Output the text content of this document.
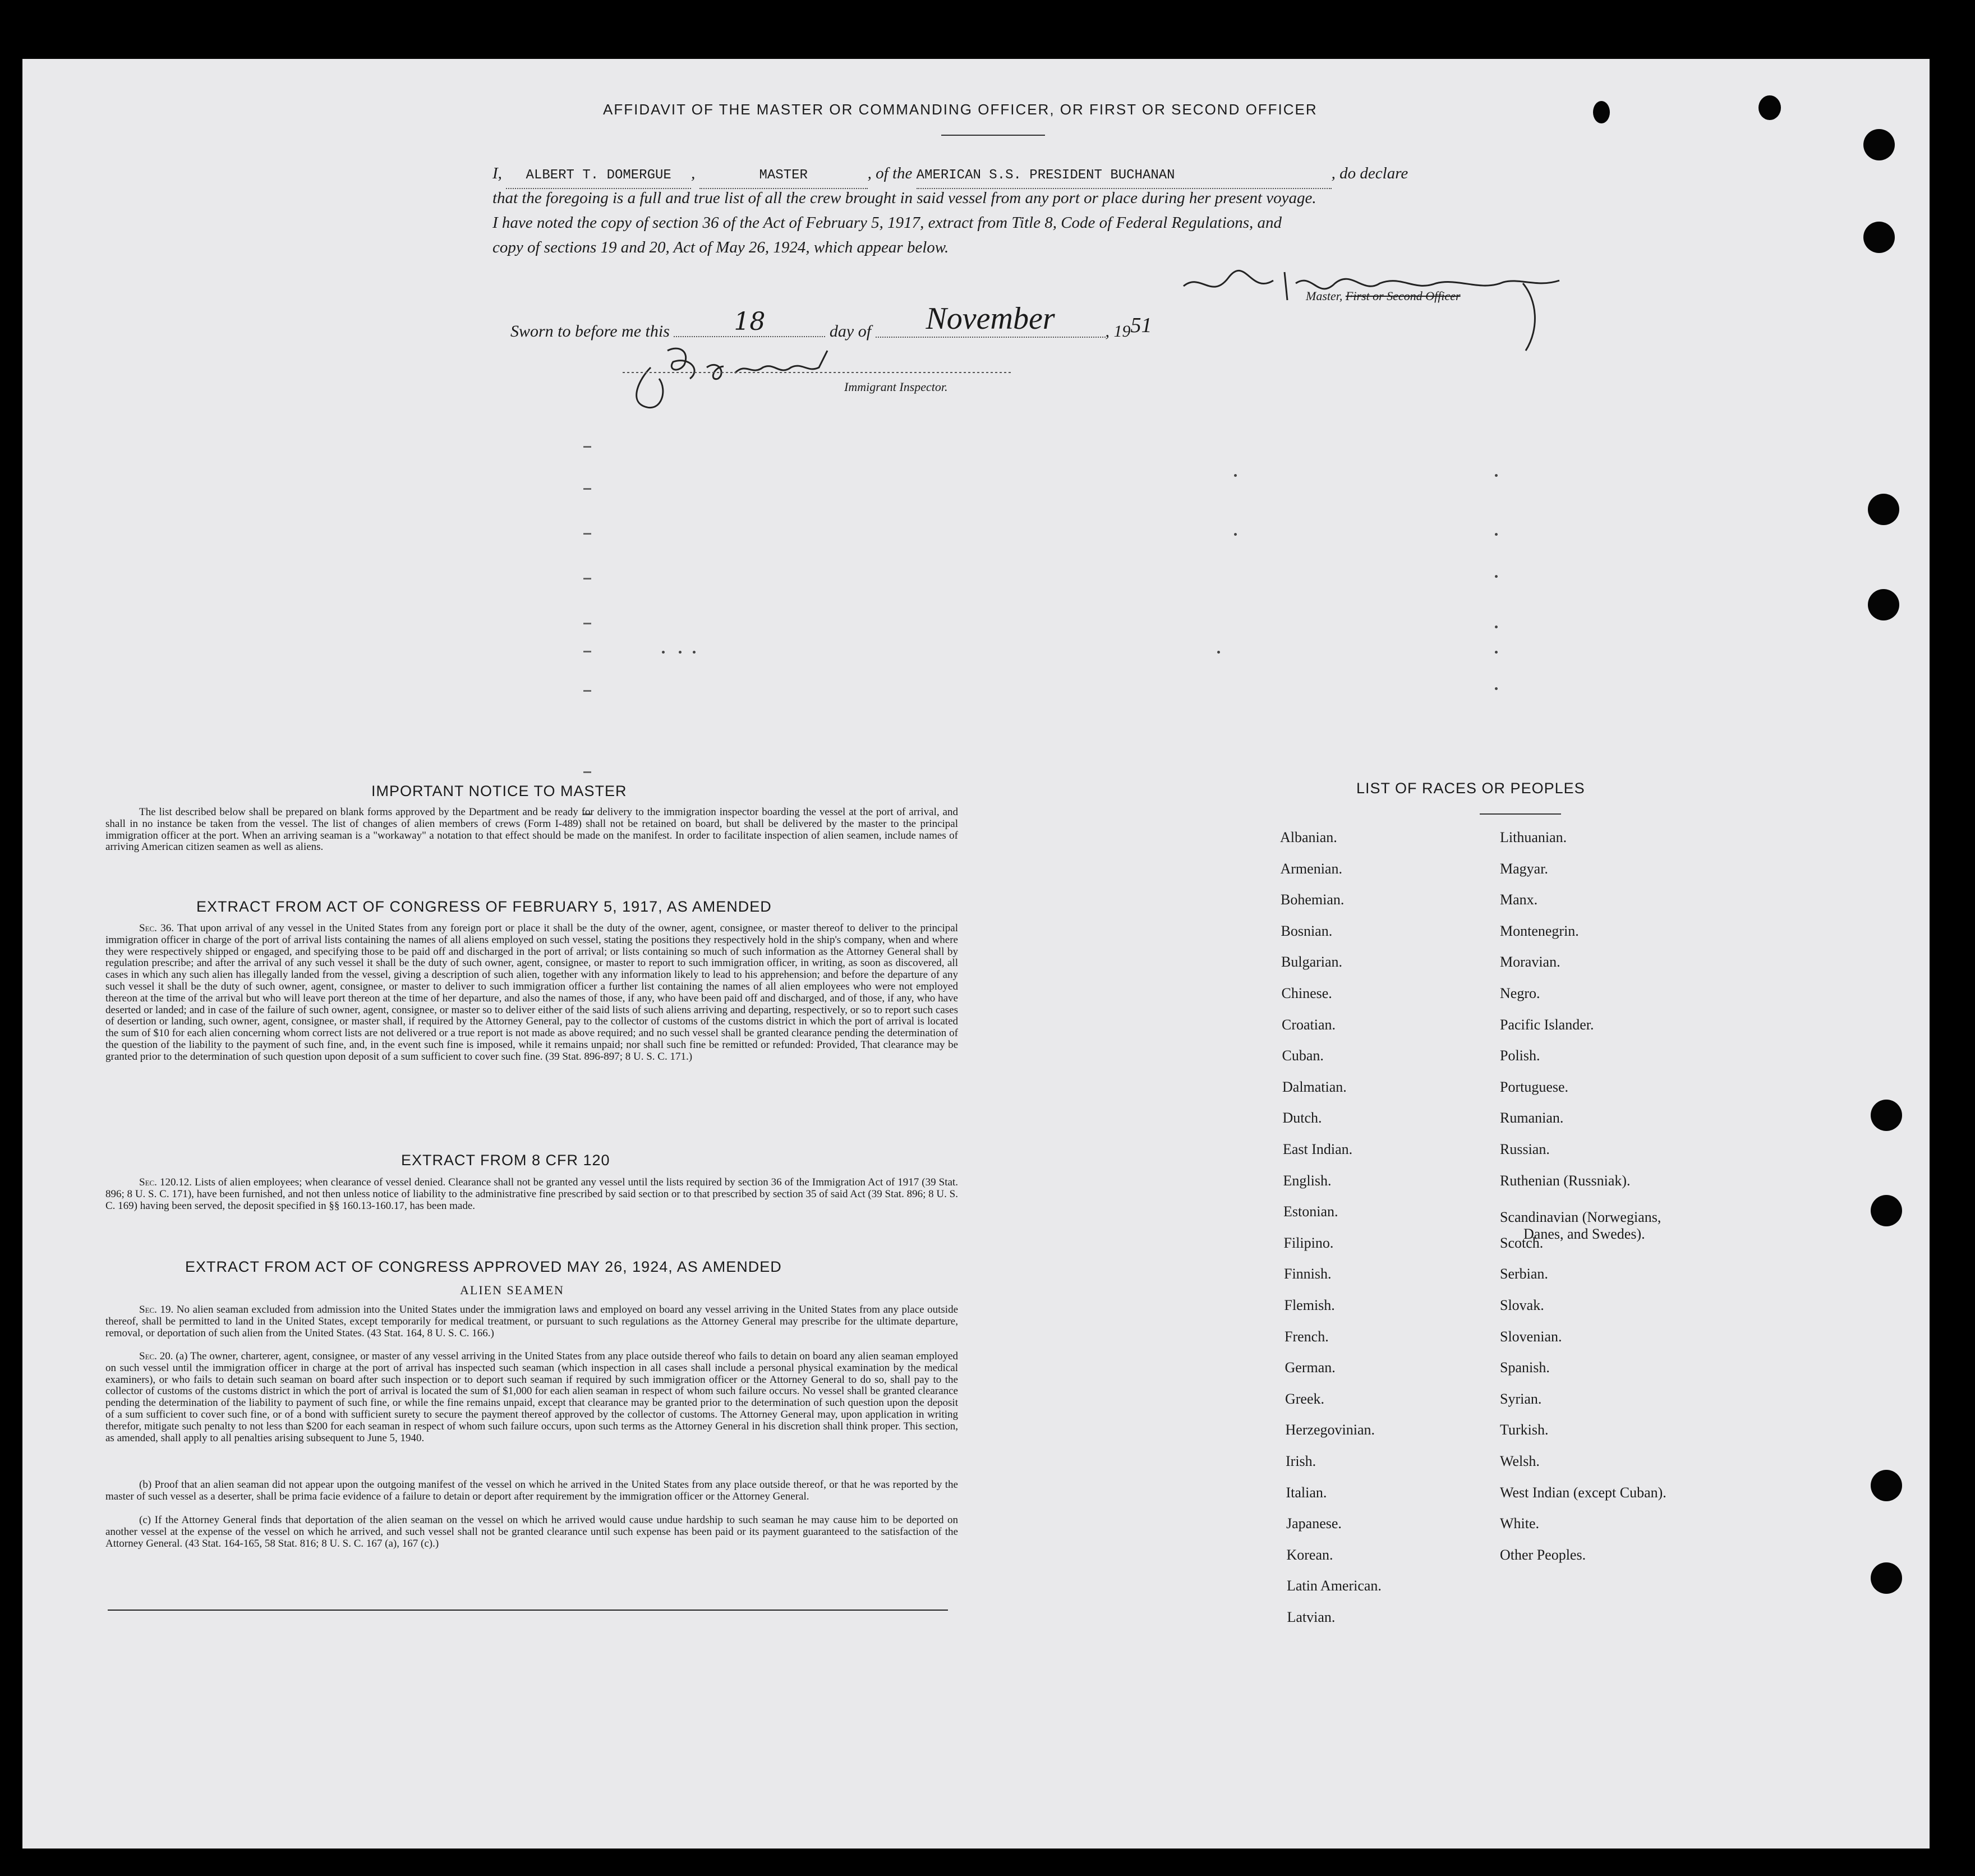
AFFIDAVIT OF THE MASTER OR COMMANDING OFFICER, OR FIRST OR SECOND OFFICER
I, ALBERT T. DOMERGUE ,	MASTER	, of the AMERICAN S.S. PRESIDENT BUCHANAN	, do declare
that the foregoing is a full and true list of all the crew brought in said vessel from any port or place during her present voyage.
I have noted the copy of section 36 of the Act of February 5, 1917, extract from Title 8, Code of Federal Regulations, and
copy of sections 19 and 20, Act of May 26, 1924, which appear below.
Master, First or Second Officer
Sworn to before me this	18	day of November	, 1951
Immigrant Inspector.
IMPORTANT NOTICE TO MASTER
The list described below shall be prepared on blank forms approved by the Department and be ready for delivery to the immigration inspector boarding the vessel at the port of arrival, and shall in no instance be taken from the vessel. The list of changes of alien members of crews (Form I-489) shall not be retained on board, but shall be delivered by the master to the principal immigration officer at the port. When an arriving seaman is a "workaway" a notation to that effect should be made on the manifest. In order to facilitate inspection of alien seamen, include names of arriving American citizen seamen as well as aliens.
EXTRACT FROM ACT OF CONGRESS OF FEBRUARY 5, 1917, AS AMENDED
Sec. 36. That upon arrival of any vessel in the United States from any foreign port or place it shall be the duty of the owner, agent, consignee, or master thereof to deliver to the principal immigration officer in charge of the port of arrival lists containing the names of all aliens employed on such vessel, stating the positions they respectively hold in the ship's company, when and where they were respectively shipped or engaged, and specifying those to be paid off and discharged in the port of arrival; or lists containing so much of such information as the Attorney General shall by regulation prescribe; and after the arrival of any such vessel it shall be the duty of such owner, agent, consignee, or master to report to such immigration officer, in writing, as soon as discovered, all cases in which any such alien has illegally landed from the vessel, giving a description of such alien, together with any information likely to lead to his apprehension; and before the departure of any such vessel it shall be the duty of such owner, agent, consignee, or master to deliver to such immigration officer a further list containing the names of all alien employees who were not employed thereon at the time of the arrival but who will leave port thereon at the time of her departure, and also the names of those, if any, who have been paid off and discharged, and of those, if any, who have deserted or landed; and in case of the failure of such owner, agent, consignee, or master so to deliver either of the said lists of such aliens arriving and departing, respectively, or so to report such cases of desertion or landing, such owner, agent, consignee, or master shall, if required by the Attorney General, pay to the collector of customs of the customs district in which the port of arrival is located the sum of $10 for each alien concerning whom correct lists are not delivered or a true report is not made as above required; and no such vessel shall be granted clearance pending the determination of the question of the liability to the payment of such fine, and, in the event such fine is imposed, while it remains unpaid; nor shall such fine be remitted or refunded: Provided, That clearance may be granted prior to the determination of such question upon deposit of a sum sufficient to cover such fine. (39 Stat. 896-897; 8 U. S. C. 171.)
EXTRACT FROM 8 CFR 120
Sec. 120.12. Lists of alien employees; when clearance of vessel denied. Clearance shall not be granted any vessel until the lists required by section 36 of the Immigration Act of 1917 (39 Stat. 896; 8 U. S. C. 171), have been furnished, and not then unless notice of liability to the administrative fine prescribed by said section or to that prescribed by section 35 of said Act (39 Stat. 896; 8 U. S. C. 169) having been served, the deposit specified in §§ 160.13-160.17, has been made.
EXTRACT FROM ACT OF CONGRESS APPROVED MAY 26, 1924, AS AMENDED
ALIEN SEAMEN
Sec. 19. No alien seaman excluded from admission into the United States under the immigration laws and employed on board any vessel arriving in the United States from any place outside thereof, shall be permitted to land in the United States, except temporarily for medical treatment, or pursuant to such regulations as the Attorney General may prescribe for the ultimate departure, removal, or deportation of such alien from the United States. (43 Stat. 164, 8 U. S. C. 166.)
Sec. 20. (a) The owner, charterer, agent, consignee, or master of any vessel arriving in the United States from any place outside thereof who fails to detain on board any alien seaman employed on such vessel until the immigration officer in charge at the port of arrival has inspected such seaman (which inspection in all cases shall include a personal physical examination by the medical examiners), or who fails to detain such seaman on board after such inspection or to deport such seaman if required by such immigration officer or the Attorney General to do so, shall pay to the collector of customs of the customs district in which the port of arrival is located the sum of $1,000 for each alien seaman in respect of whom such failure occurs. No vessel shall be granted clearance pending the determination of the liability to payment of such fine, or while the fine remains unpaid, except that clearance may be granted prior to the determination of such question upon the deposit of a sum sufficient to cover such fine, or of a bond with sufficient surety to secure the payment thereof approved by the collector of customs. The Attorney General may, upon application in writing therefor, mitigate such penalty to not less than $200 for each seaman in respect of whom such failure occurs, upon such terms as the Attorney General in his discretion shall think proper. This section, as amended, shall apply to all penalties arising subsequent to June 5, 1940.
(b) Proof that an alien seaman did not appear upon the outgoing manifest of the vessel on which he arrived in the United States from any place outside thereof, or that he was reported by the master of such vessel as a deserter, shall be prima facie evidence of a failure to detain or deport after requirement by the immigration officer or the Attorney General.
(c) If the Attorney General finds that deportation of the alien seaman on the vessel on which he arrived would cause undue hardship to such seaman he may cause him to be deported on another vessel at the expense of the vessel on which he arrived, and such vessel shall not be granted clearance until such expense has been paid or its payment guaranteed to the satisfaction of the Attorney General. (43 Stat. 164-165, 58 Stat. 816; 8 U. S. C. 167 (a), 167 (c).)
LIST OF RACES OR PEOPLES
Albanian.
Armenian.
Bohemian.
Bosnian.
Bulgarian.
Chinese.
Croatian.
Cuban.
Dalmatian.
Dutch.
East Indian.
English.
Estonian.
Filipino.
Finnish.
Flemish.
French.
German.
Greek.
Herzegovinian.
Irish.
Italian.
Japanese.
Korean.
Latin American.
Latvian.
Lithuanian.
Magyar.
Manx.
Montenegrin.
Moravian.
Negro.
Pacific Islander.
Polish.
Portuguese.
Rumanian.
Russian.
Ruthenian (Russniak).
Scandinavian (Norwegians,
Danes, and Swedes).
Scotch.
Serbian.
Slovak.
Slovenian.
Spanish.
Syrian.
Turkish.
Welsh.
West Indian (except Cuban).
White.
Other Peoples.
